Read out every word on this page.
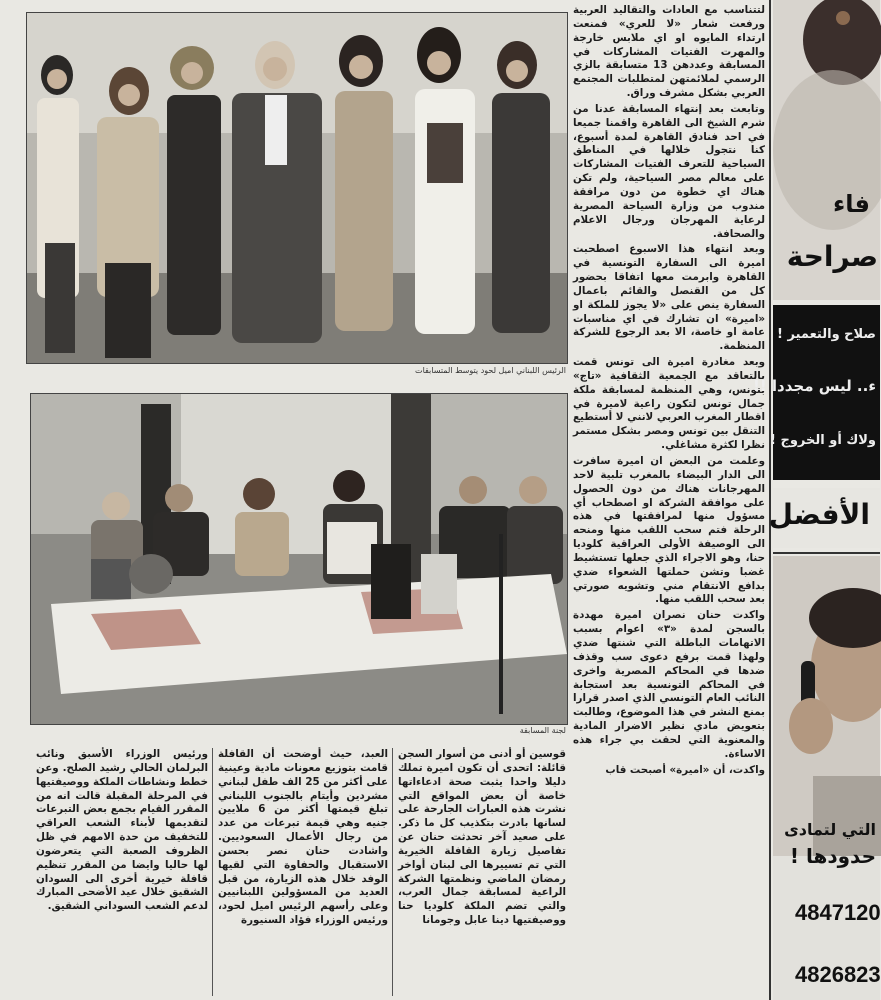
الرئيس اللبناني اميل لحود يتوسط المتسابقات
لجنة المسابقة

لتتناسب مع العادات والتقاليد العربية ورفعت شعار «لا للعري» فمنعت ارتداء المايوه او اي ملابس خارجة والمهرت الفتيات المشاركات في المسابقة وعددهن 13 متسابقة بالزي الرسمي لملائمتهن لمتطلبات المجتمع العربي بشكل مشرف وراق.

وتابعت بعد إنتهاء المسابقة عدنا من شرم الشيخ الى القاهرة واقمنا جميعا في احد فنادق القاهرة لمدة أسبوع، كنا نتجول خلالها في المناطق السياحية للتعرف الفتيات المشاركات على معالم مصر السياحية، ولم تكن هناك اي خطوة من دون مرافقة مندوب من وزارة السياحة المصرية لرعاية المهرجان ورجال الاعلام والصحافة.

وبعد انتهاء هذا الاسبوع اصطحبت اميرة الى السفارة التونسية في القاهرة وابرمت معها اتفاقا بحضور كل من القنصل والقائم باعمال السفارة ينص على «لا يجوز للملكة او «اميرة» ان تشارك في اي مناسبات عامة او خاصة، الا بعد الرجوع للشركة المنظمة.

وبعد مغادرة اميرة الى تونس قمت بالتعاقد مع الجمعية الثقافية «تاج» بتونس، وهي المنظمة لمسابقة ملكة جمال تونس لتكون راعية لاميرة في اقطار المغرب العربي لانني لا أستطيع التنقل بين تونس ومصر بشكل مستمر نظرا لكثرة مشاغلي.

وعلمت من البعض ان اميرة سافرت الى الدار البيضاء بالمغرب تلبية لاحد المهرجانات هناك من دون الحصول على موافقة الشركة او اصطحاب أي مسؤول منها لمرافقتها في هذه الرحلة فتم سحب اللقب منها ومنحه الى الوصيفة الأولى العراقية كلوديا حنا، وهو الاجراء الذي جعلها تستشيط غضبا وتشن حملتها الشعواء ضدي بدافع الانتقام مني وتشويه صورتي بعد سحب اللقب منها.

واكدت حنان نصران اميرة مهددة بالسجن لمدة «٣» اعوام بسبب الاتهامات الباطلة التي شنتها ضدي ولهذا قمت برفع دعوى سب وقذف ضدها في المحاكم المصرية واخرى في المحاكم التونسية بعد استجابة النائب العام التونسي الذي اصدر قرارا بمنع النشر في هذا الموضوع، وطالبت بتعويض مادي نظير الاضرار المادية والمعنوية التي لحقت بي جراء هذه الاساءة.

واكدت، أن «اميرة» أصبحت قاب

قوسين أو أدنى من أسوار السجن قائلة: اتحدى أن تكون اميرة تملك دليلا واحدا يثبت صحة ادعاءاتها خاصة أن بعض المواقع التي نشرت هذه العبارات الجارحة على لسانها بادرت بتكذيب كل ما ذكر. على صعيد آخر تحدثت حنان عن تفاصيل زيارة القافلة الخيرية التي تم تسييرها الى لبنان أواخر رمضان الماضي ونظمتها الشركة الراعية لمسابقة جمال العرب، والتي تضم الملكة كلوديا حنا ووصيفتيها دينا عابل وجومانا
العبد، حيث أوضحت أن القافلة قامت بتوزيع معونات مادية وعينية على أكثر من 25 الف طفل لبناني مشردين وأيتام بالجنوب اللبناني تبلغ قيمتها أكثر من 6 ملايين جنيه وهي قيمة تبرعات من عدد من رجال الأعمال السعوديين. واشادت حنان نصر بحسن الاستقبال والحفاوة التي لقيها الوفد خلال هذه الزيارة، من قبل العديد من المسؤولين اللبنانيين وعلى رأسهم الرئيس اميل لحود، ورئيس الوزراء فؤاد السنيورة
ورئيس الوزراء الأسبق ونائب البرلمان الحالي رشيد الصلح. وعن خطط ونشاطات الملكة ووصيفتيها في المرحلة المقبلة قالت انه من المقرر القيام بجمع بعض التبرعات لتقديمها لأبناء الشعب العراقي للتخفيف من حدة الامهم في ظل الظروف الصعبة التي يتعرضون لها حاليا وايضا من المقرر تنظيم قافلة خيرية أخرى الى السودان الشقيق خلال عيد الأضحى المبارك لدعم الشعب السوداني الشقيق.
فاء
صراحة
صلاح والتعمير !
ء.. ليس مجددا !!
ولاك أو الخروج !
الأفضل
التي لتمادى
حدودها !
4847120
4826823
